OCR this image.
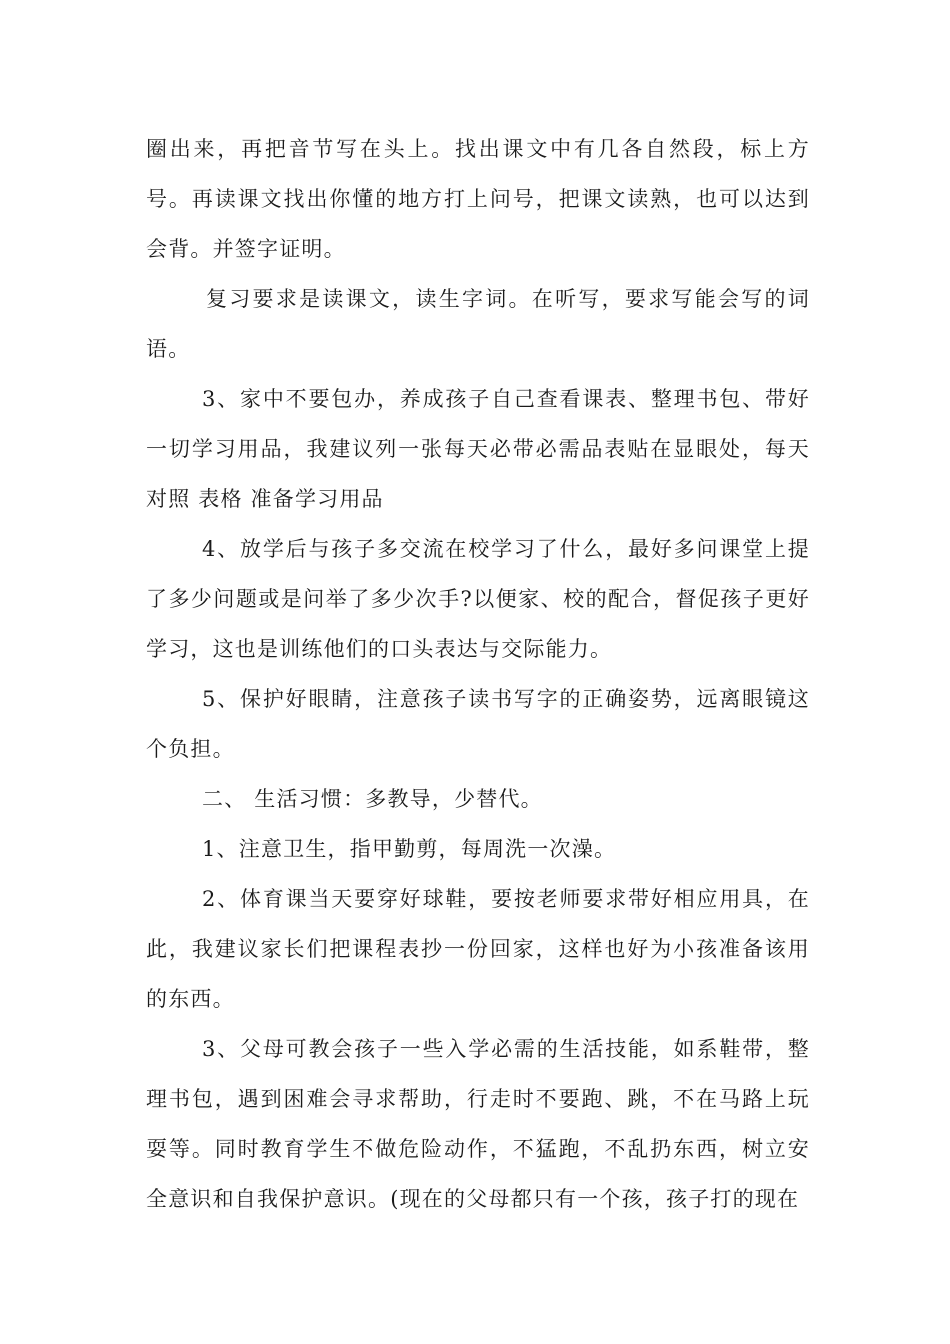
圈出来，再把音节写在头上。找出课文中有几各自然段，标上方号。再读课文找出你懂的地方打上问号，把课文读熟，也可以达到会背。并签字证明。

复习要求是读课文，读生字词。在听写，要求写能会写的词语。

3、家中不要包办，养成孩子自己查看课表、整理书包、带好一切学习用品，我建议列一张每天必带必需品表贴在显眼处，每天对照 表格 准备学习用品

4、放学后与孩子多交流在校学习了什么，最好多问课堂上提了多少问题或是问举了多少次手?以便家、校的配合，督促孩子更好学习，这也是训练他们的口头表达与交际能力。

5、保护好眼睛，注意孩子读书写字的正确姿势，远离眼镜这个负担。

二、 生活习惯：多教导，少替代。

1、注意卫生，指甲勤剪，每周洗一次澡。

2、体育课当天要穿好球鞋，要按老师要求带好相应用具，在此，我建议家长们把课程表抄一份回家，这样也好为小孩准备该用的东西。

3、父母可教会孩子一些入学必需的生活技能，如系鞋带，整理书包，遇到困难会寻求帮助，行走时不要跑、跳，不在马路上玩耍等。同时教育学生不做危险动作，不猛跑，不乱扔东西，树立安全意识和自我保护意识。(现在的父母都只有一个孩，孩子打的现在
